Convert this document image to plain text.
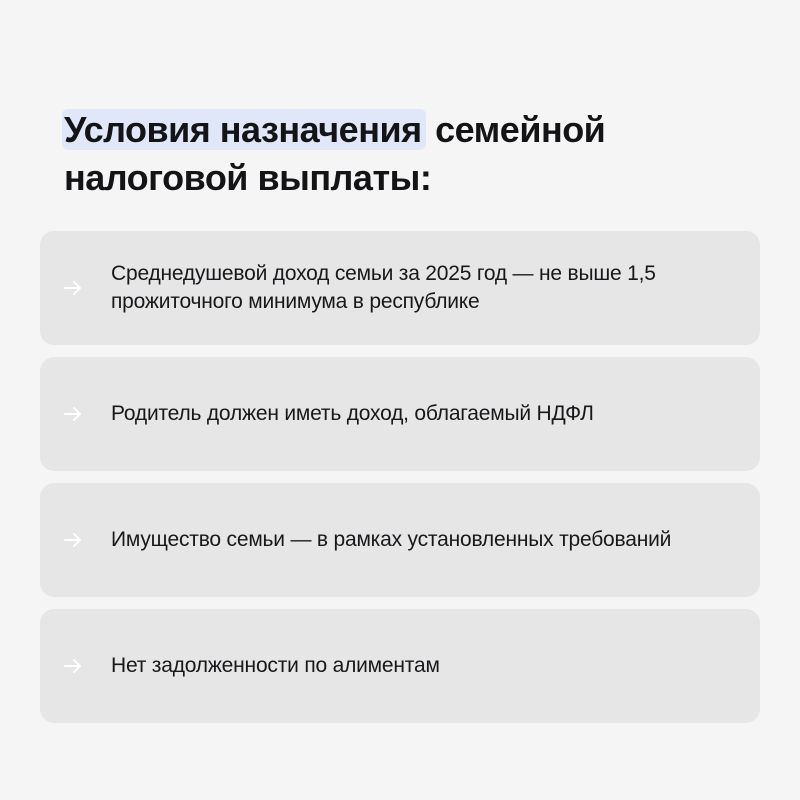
Условия назначения семейной
налоговой выплаты:
Среднедушевой доход семьи за 2025 год — не выше 1,5 прожиточного минимума в республике
Родитель должен иметь доход, облагаемый НДФЛ
Имущество семьи — в рамках установленных требований
Нет задолженности по алиментам
